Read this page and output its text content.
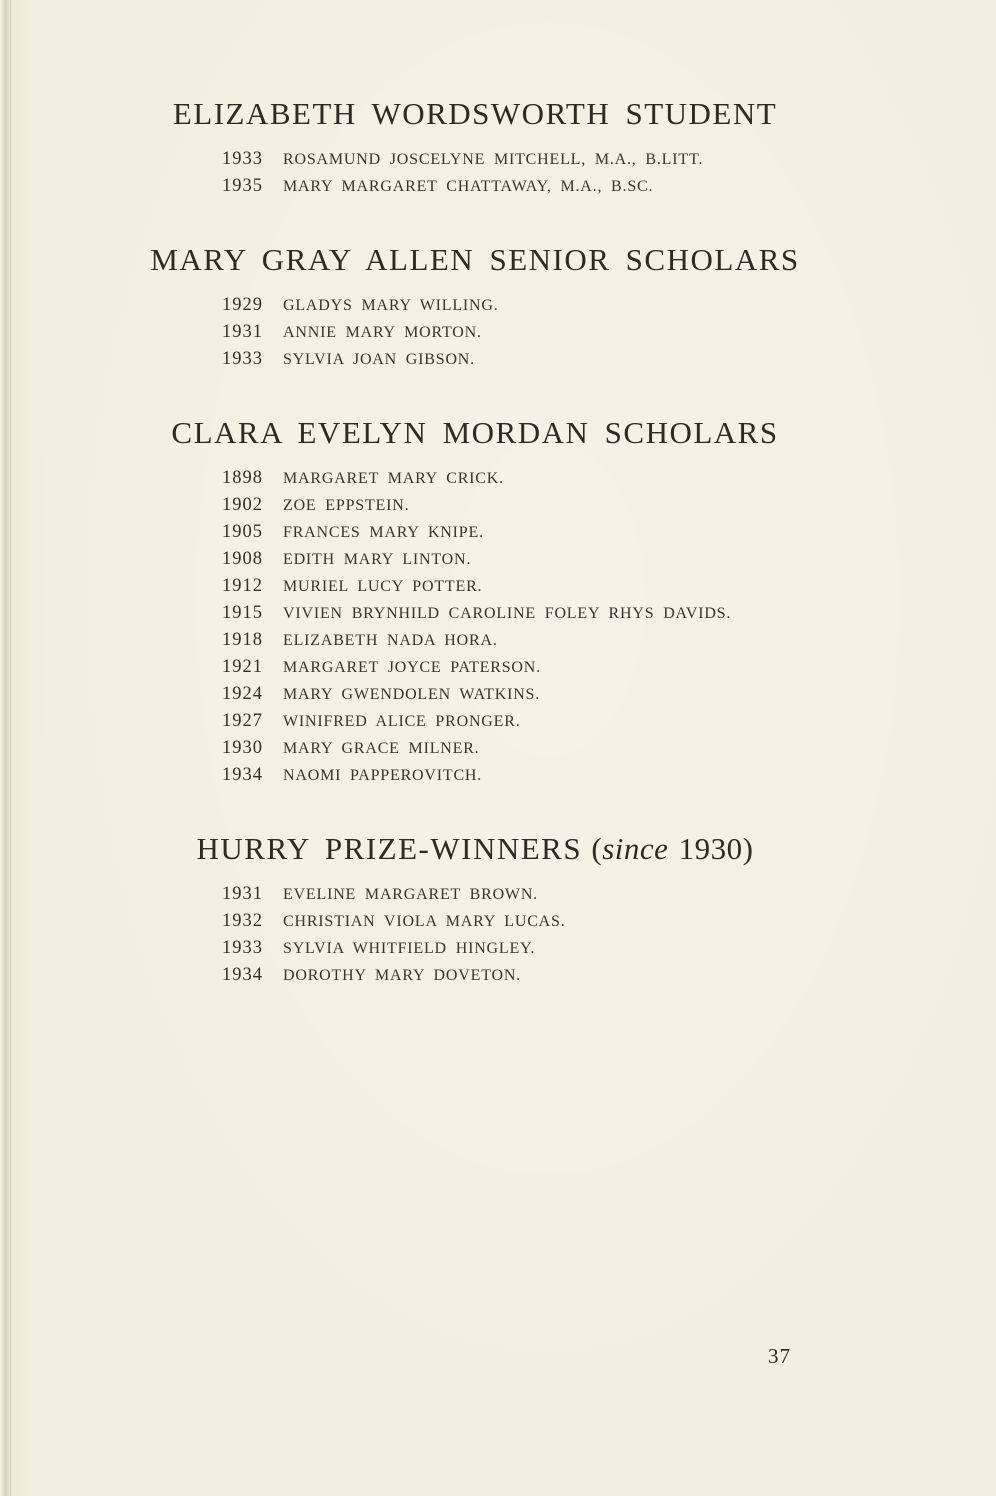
ELIZABETH WORDSWORTH STUDENT
1933 ROSAMUND JOSCELYNE MITCHELL, M.A., B.LITT.
1935 MARY MARGARET CHATTAWAY, M.A., B.SC.
MARY GRAY ALLEN SENIOR SCHOLARS
1929 GLADYS MARY WILLING.
1931 ANNIE MARY MORTON.
1933 SYLVIA JOAN GIBSON.
CLARA EVELYN MORDAN SCHOLARS
1898 MARGARET MARY CRICK.
1902 ZOE EPPSTEIN.
1905 FRANCES MARY KNIPE.
1908 EDITH MARY LINTON.
1912 MURIEL LUCY POTTER.
1915 VIVIEN BRYNHILD CAROLINE FOLEY RHYS DAVIDS.
1918 ELIZABETH NADA HORA.
1921 MARGARET JOYCE PATERSON.
1924 MARY GWENDOLEN WATKINS.
1927 WINIFRED ALICE PRONGER.
1930 MARY GRACE MILNER.
1934 NAOMI PAPPEROVITCH.
HURRY PRIZE-WINNERS (since 1930)
1931 EVELINE MARGARET BROWN.
1932 CHRISTIAN VIOLA MARY LUCAS.
1933 SYLVIA WHITFIELD HINGLEY.
1934 DOROTHY MARY DOVETON.
37
